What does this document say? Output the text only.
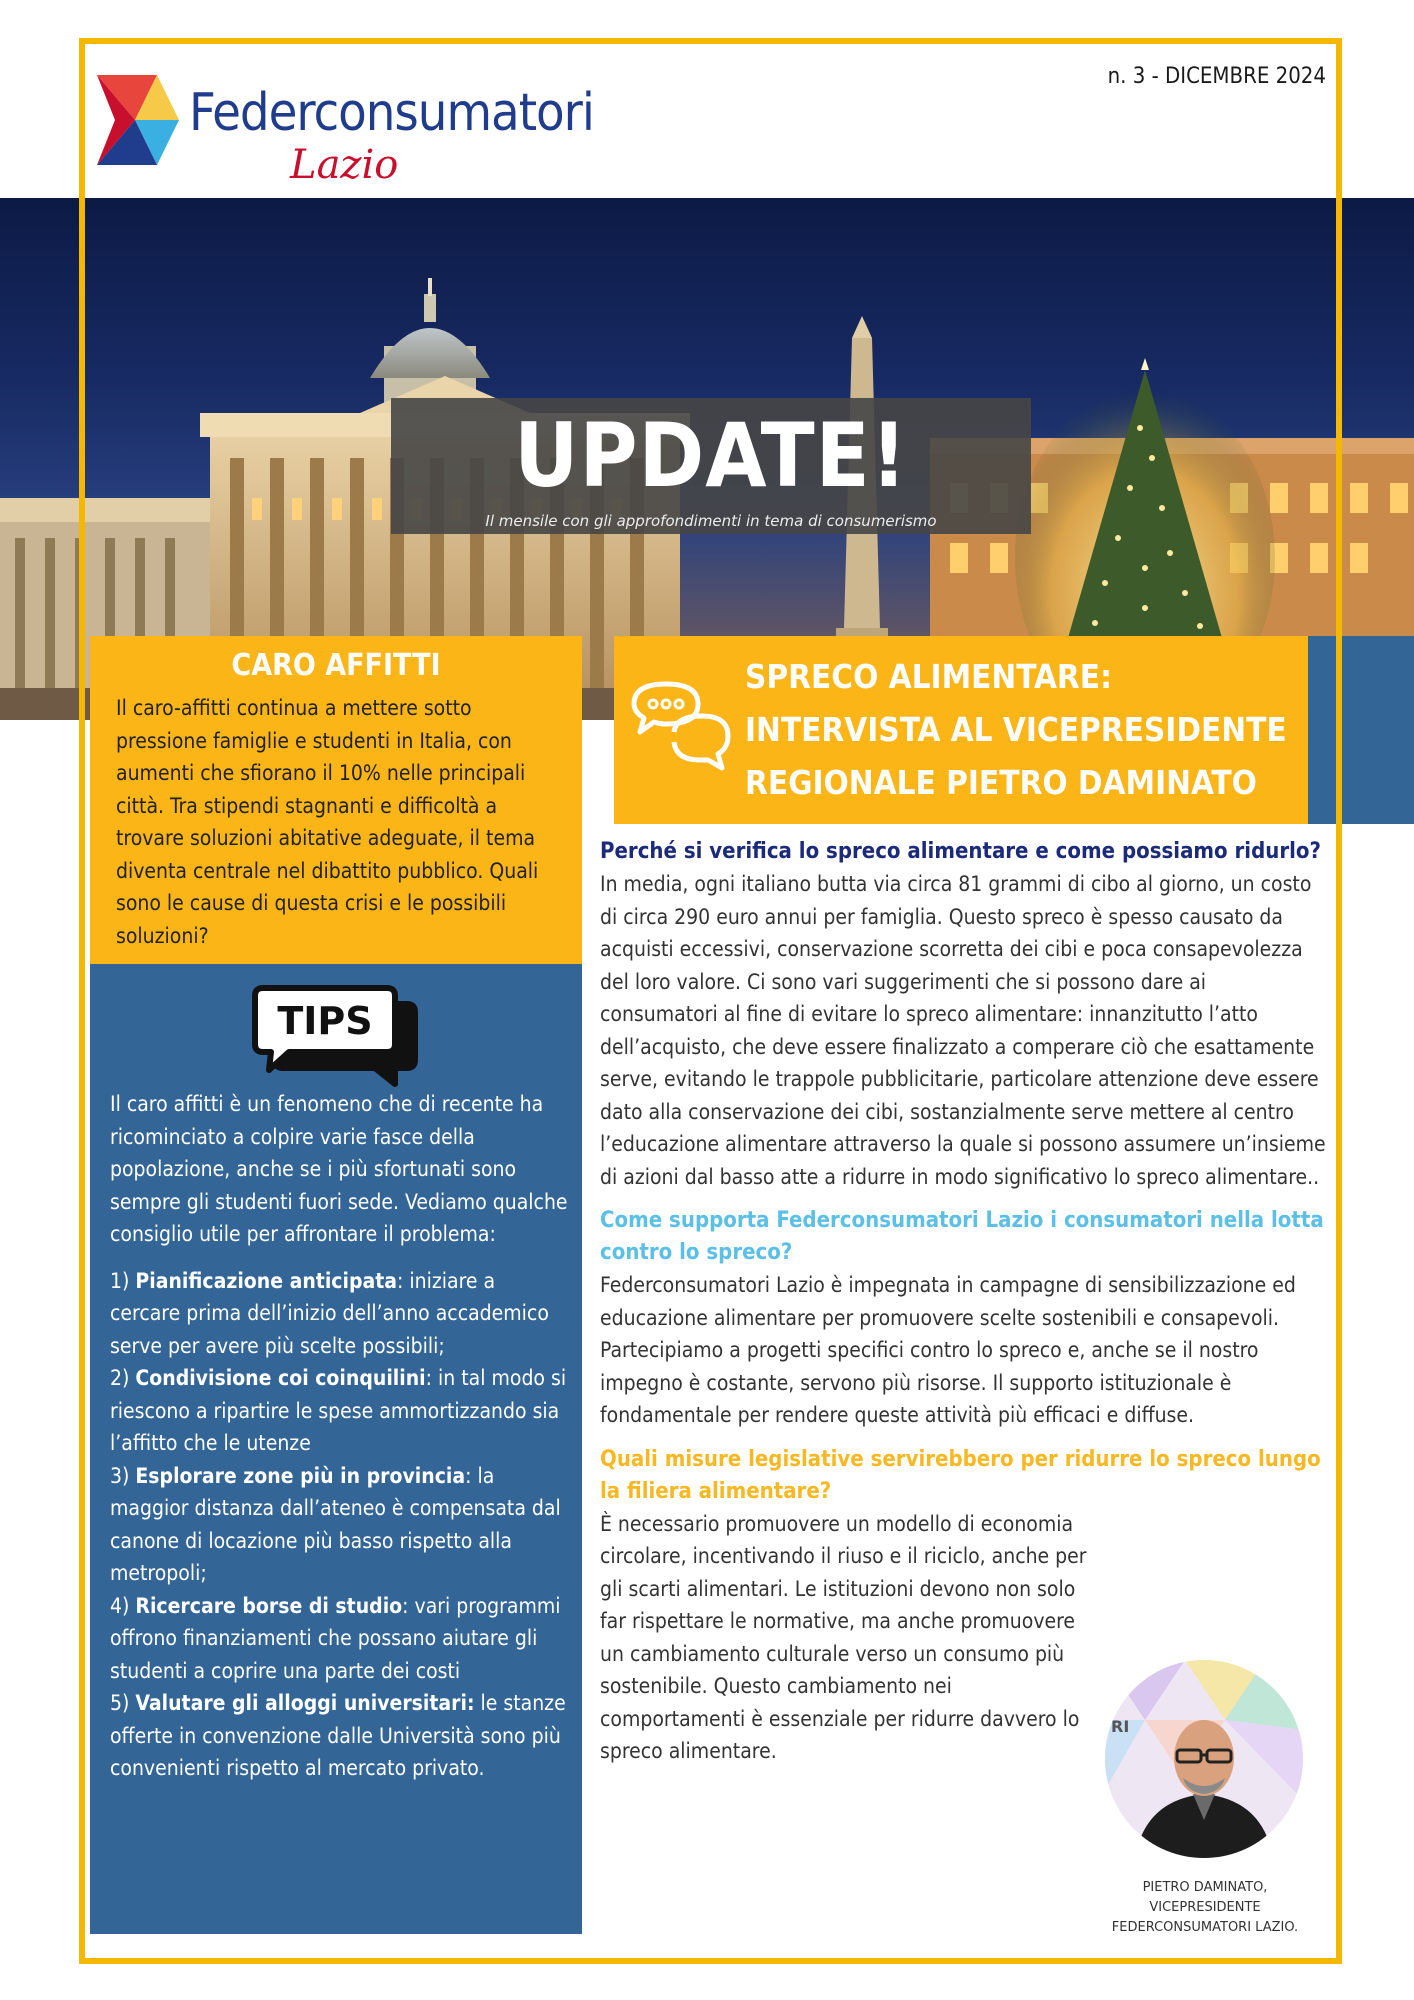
Federconsumatori
Lazio
n. 3 - DICEMBRE 2024
UPDATE!
Il mensile con gli approfondimenti in tema di consumerismo
CARO AFFITTI

Il caro-affitti continua a mettere sotto pressione famiglie e studenti in Italia, con aumenti che sfiorano il 10% nelle principali città. Tra stipendi stagnanti e difficoltà a trovare soluzioni abitative adeguate, il tema diventa centrale nel dibattito pubblico. Quali sono le cause di questa crisi e le possibili soluzioni?

TIPS

Il caro affitti è un fenomeno che di recente ha ricominciato a colpire varie fasce della popolazione, anche se i più sfortunati sono sempre gli studenti fuori sede. Vediamo qualche consiglio utile per affrontare il problema:

1) Pianificazione anticipata: iniziare a cercare prima dell’inizio dell’anno accademico serve per avere più scelte possibili;

2) Condivisione coi coinquilini: in tal modo si riescono a ripartire le spese ammortizzando sia l’affitto che le utenze

3) Esplorare zone più in provincia: la maggior distanza dall’ateneo è compensata dal canone di locazione più basso rispetto alla metropoli;

4) Ricercare borse di studio: vari programmi offrono finanziamenti che possano aiutare gli studenti a coprire una parte dei costi

5) Valutare gli alloggi universitari: le stanze offerte in convenzione dalle Università sono più convenienti rispetto al mercato privato.

SPRECO ALIMENTARE:
INTERVISTA AL VICEPRESIDENTE
REGIONALE PIETRO DAMINATO
Perché si verifica lo spreco alimentare e come possiamo ridurlo?
In media, ogni italiano butta via circa 81 grammi di cibo al giorno, un costo di circa 290 euro annui per famiglia. Questo spreco è spesso causato da acquisti eccessivi, conservazione scorretta dei cibi e poca consapevolezza del loro valore. Ci sono vari suggerimenti che si possono dare ai consumatori al fine di evitare lo spreco alimentare: innanzitutto l’atto dell’acquisto, che deve essere finalizzato a comperare ciò che esattamente serve, evitando le trappole pubblicitarie, particolare attenzione deve essere dato alla conservazione dei cibi, sostanzialmente serve mettere al centro l’educazione alimentare attraverso la quale si possono assumere un’insieme di azioni dal basso atte a ridurre in modo significativo lo spreco alimentare..
Come supporta Federconsumatori Lazio i consumatori nella lotta contro lo spreco?
Federconsumatori Lazio è impegnata in campagne di sensibilizzazione ed educazione alimentare per promuovere scelte sostenibili e consapevoli. Partecipiamo a progetti specifici contro lo spreco e, anche se il nostro impegno è costante, servono più risorse. Il supporto istituzionale è fondamentale per rendere queste attività più efficaci e diffuse.
Quali misure legislative servirebbero per ridurre lo spreco lungo la filiera alimentare?
È necessario promuovere un modello di economia circolare, incentivando il riuso e il riciclo, anche per gli scarti alimentari. Le istituzioni devono non solo far rispettare le normative, ma anche promuovere un cambiamento culturale verso un consumo più sostenibile. Questo cambiamento nei comportamenti è essenziale per ridurre davvero lo spreco alimentare.
RI
PIETRO DAMINATO,
VICEPRESIDENTE
FEDERCONSUMATORI LAZIO.
